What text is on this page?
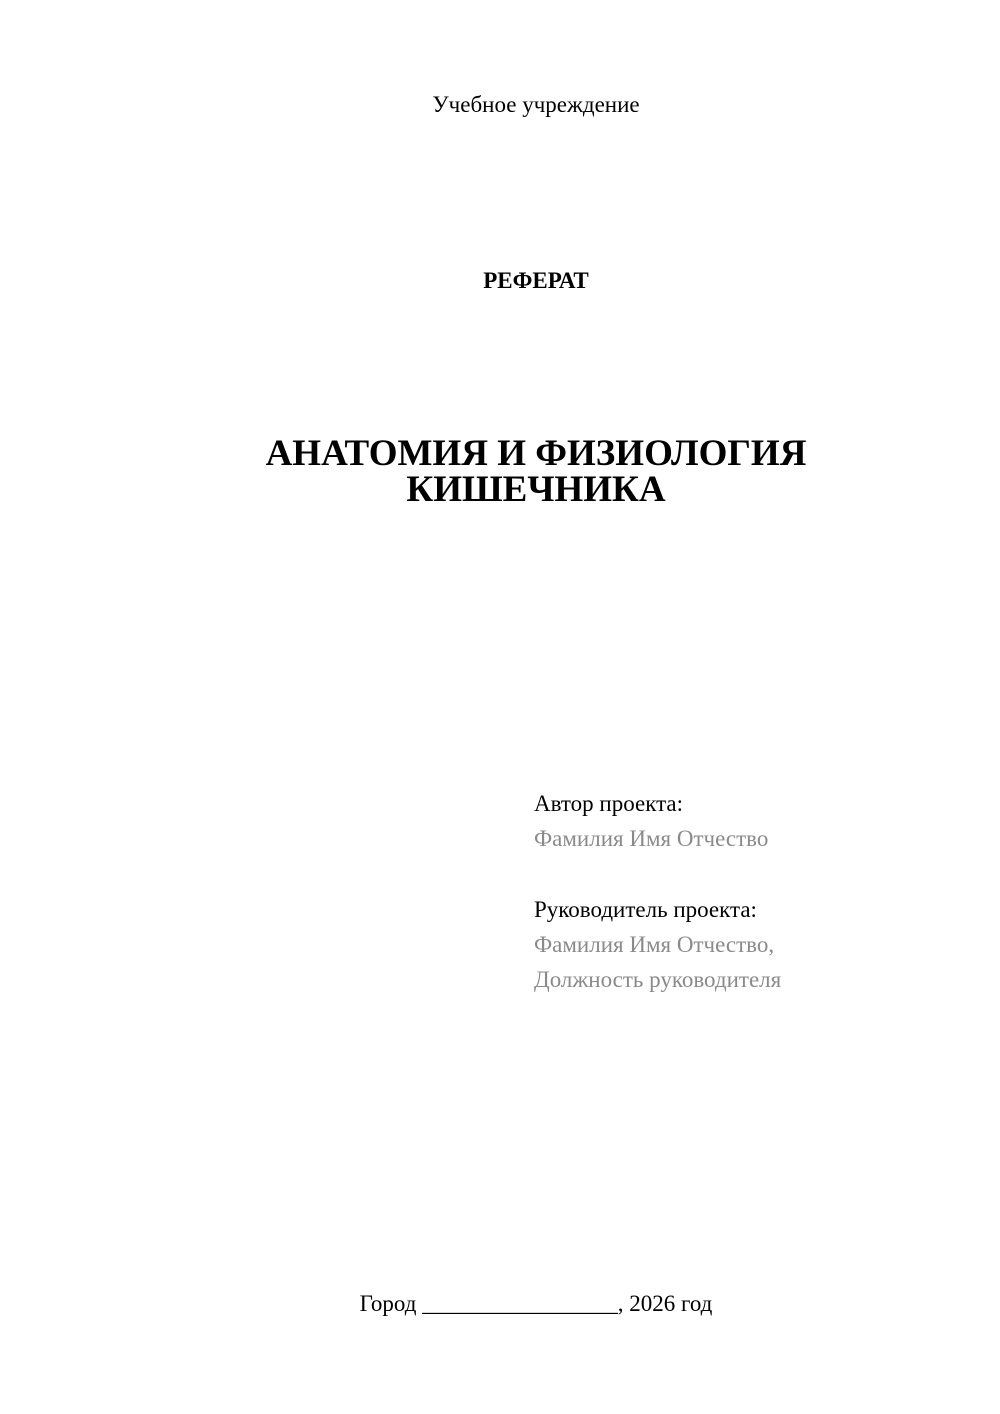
Учебное учреждение
РЕФЕРАТ
АНАТОМИЯ И ФИЗИОЛОГИЯ
КИШЕЧНИКА
Автор проекта:
Фамилия Имя Отчество
Руководитель проекта:
Фамилия Имя Отчество,
Должность руководителя
Город _________________, 2026 год
